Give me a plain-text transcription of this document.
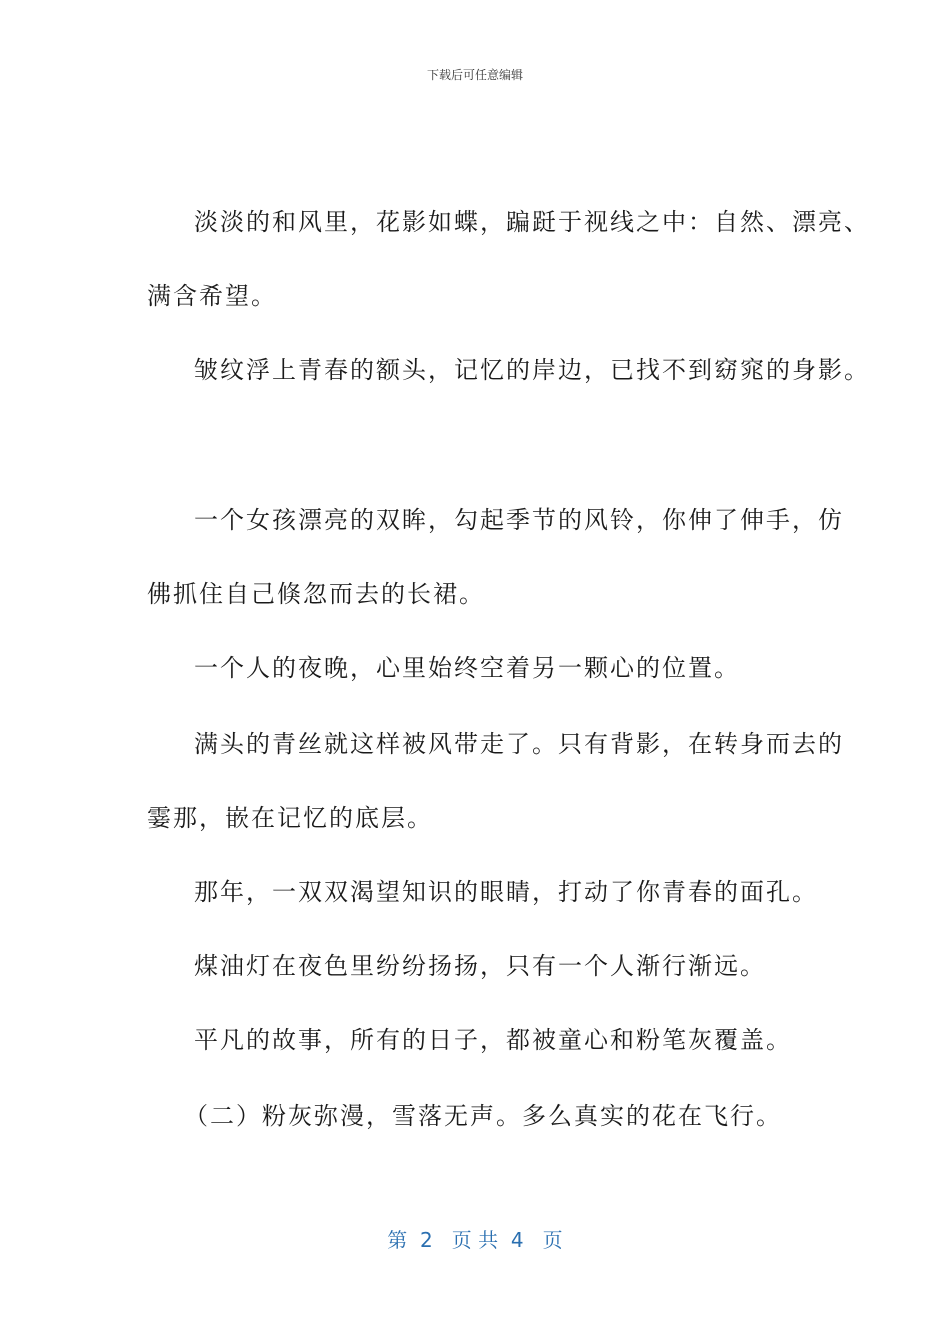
下载后可任意编辑
淡淡的和风里，花影如蝶，蹁跹于视线之中：自然、漂亮、
满含希望。
皱纹浮上青春的额头，记忆的岸边，已找不到窈窕的身影。
一个女孩漂亮的双眸，勾起季节的风铃，你伸了伸手，仿
佛抓住自己倏忽而去的长裙。
一个人的夜晚，心里始终空着另一颗心的位置。
满头的青丝就这样被风带走了。只有背影，在转身而去的
霎那，嵌在记忆的底层。
那年，一双双渴望知识的眼睛，打动了你青春的面孔。
煤油灯在夜色里纷纷扬扬，只有一个人渐行渐远。
平凡的故事，所有的日子，都被童心和粉笔灰覆盖。
（二）粉灰弥漫，雪落无声。多么真实的花在飞行。
第  2   页 共  4   页
